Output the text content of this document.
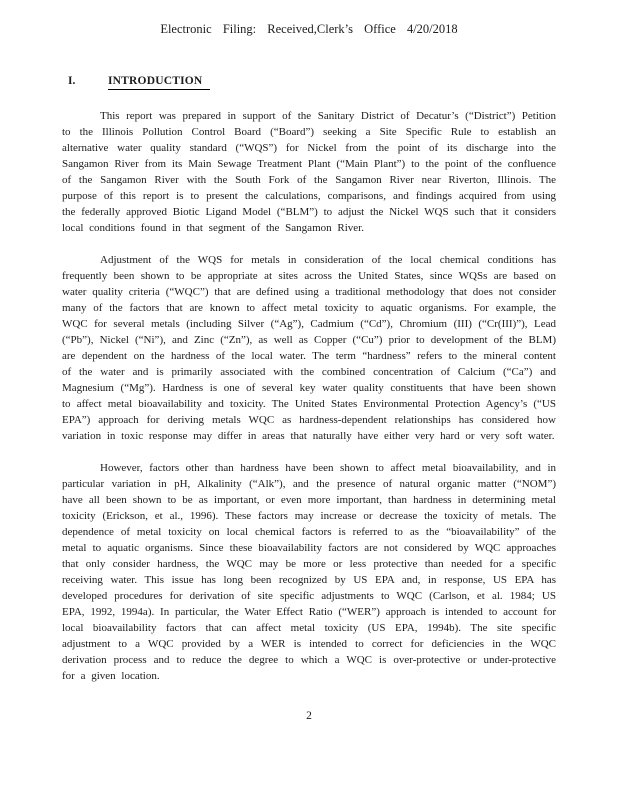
Electronic Filing: Received,Clerk’s Office 4/20/2018
I.	INTRODUCTION

This report was prepared in support of the Sanitary District of Decatur’s (“District”) Petition to the Illinois Pollution Control Board (“Board”) seeking a Site Specific Rule to establish an alternative water quality standard (“WQS”) for Nickel from the point of its discharge into the Sangamon River from its Main Sewage Treatment Plant (“Main Plant”) to the point of the confluence of the Sangamon River with the South Fork of the Sangamon River near Riverton, Illinois. The purpose of this report is to present the calculations, comparisons, and findings acquired from using the federally approved Biotic Ligand Model (“BLM”) to adjust the Nickel WQS such that it considers local conditions found in that segment of the Sangamon River.

Adjustment of the WQS for metals in consideration of the local chemical conditions has frequently been shown to be appropriate at sites across the United States, since WQSs are based on water quality criteria (“WQC”) that are defined using a traditional methodology that does not consider many of the factors that are known to affect metal toxicity to aquatic organisms. For example, the WQC for several metals (including Silver (“Ag”), Cadmium (“Cd”), Chromium (III) (“Cr(III)”), Lead (“Pb”), Nickel (“Ni”), and Zinc (“Zn”), as well as Copper (“Cu”) prior to development of the BLM) are dependent on the hardness of the local water. The term “hardness” refers to the mineral content of the water and is primarily associated with the combined concentration of Calcium (“Ca”) and Magnesium (“Mg”). Hardness is one of several key water quality constituents that have been shown to affect metal bioavailability and toxicity. The United States Environmental Protection Agency’s (“US EPA”) approach for deriving metals WQC as hardness-dependent relationships has considered how variation in toxic response may differ in areas that naturally have either very hard or very soft water.

However, factors other than hardness have been shown to affect metal bioavailability, and in particular variation in pH, Alkalinity (“Alk”), and the presence of natural organic matter (“NOM”) have all been shown to be as important, or even more important, than hardness in determining metal toxicity (Erickson, et al., 1996). These factors may increase or decrease the toxicity of metals. The dependence of metal toxicity on local chemical factors is referred to as the “bioavailability” of the metal to aquatic organisms. Since these bioavailability factors are not considered by WQC approaches that only consider hardness, the WQC may be more or less protective than needed for a specific receiving water. This issue has long been recognized by US EPA and, in response, US EPA has developed procedures for derivation of site specific adjustments to WQC (Carlson, et al. 1984; US EPA, 1992, 1994a). In particular, the Water Effect Ratio (“WER”) approach is intended to account for local bioavailability factors that can affect metal toxicity (US EPA, 1994b). The site specific adjustment to a WQC provided by a WER is intended to correct for deficiencies in the WQC derivation process and to reduce the degree to which a WQC is over-protective or under-protective for a given location.

2
